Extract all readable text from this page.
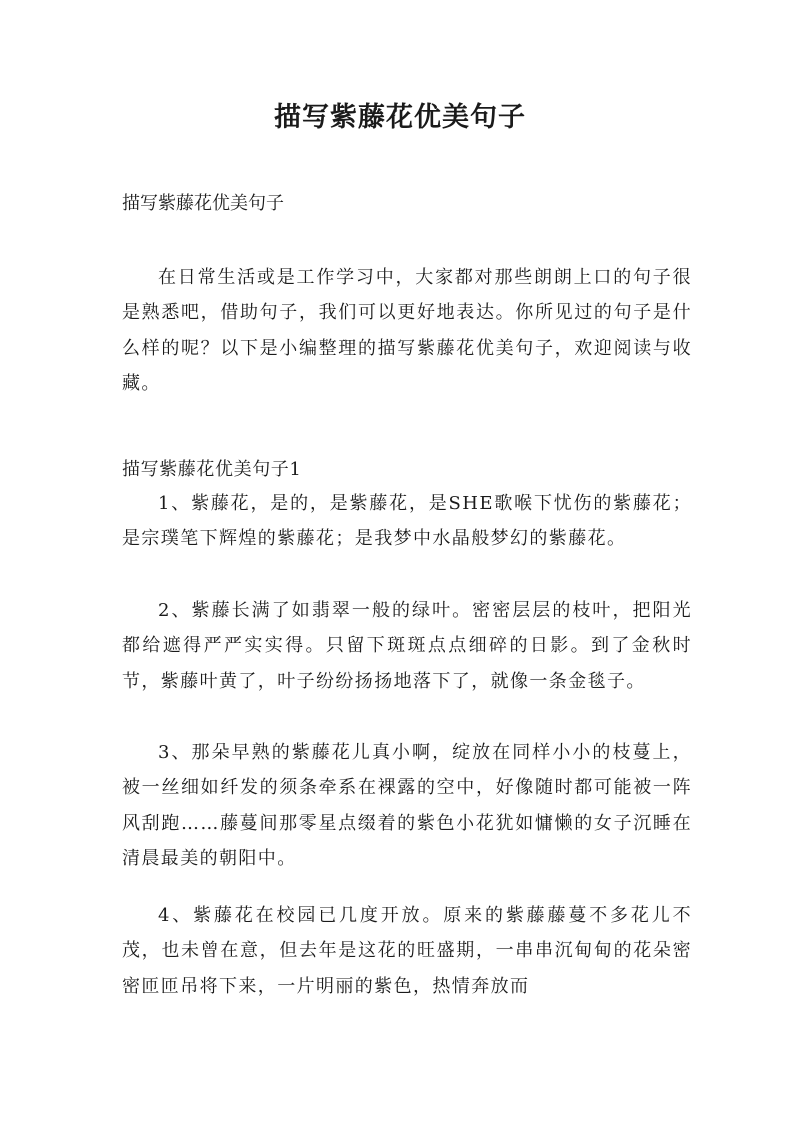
描写紫藤花优美句子

描写紫藤花优美句子

在日常生活或是工作学习中，大家都对那些朗朗上口的句子很是熟悉吧，借助句子，我们可以更好地表达。你所见过的句子是什么样的呢？以下是小编整理的描写紫藤花优美句子，欢迎阅读与收藏。

描写紫藤花优美句子1

1、紫藤花，是的，是紫藤花，是SHE歌喉下忧伤的紫藤花；是宗璞笔下辉煌的紫藤花；是我梦中水晶般梦幻的紫藤花。

2、紫藤长满了如翡翠一般的绿叶。密密层层的枝叶，把阳光都给遮得严严实实得。只留下斑斑点点细碎的日影。到了金秋时节，紫藤叶黄了，叶子纷纷扬扬地落下了，就像一条金毯子。

3、那朵早熟的紫藤花儿真小啊，绽放在同样小小的枝蔓上，被一丝细如纤发的须条牵系在裸露的空中，好像随时都可能被一阵风刮跑……藤蔓间那零星点缀着的紫色小花犹如慵懒的女子沉睡在清晨最美的朝阳中。

4、紫藤花在校园已几度开放。原来的紫藤藤蔓不多花儿不茂，也未曾在意，但去年是这花的旺盛期，一串串沉甸甸的花朵密密匝匝吊将下来，一片明丽的紫色，热情奔放而
